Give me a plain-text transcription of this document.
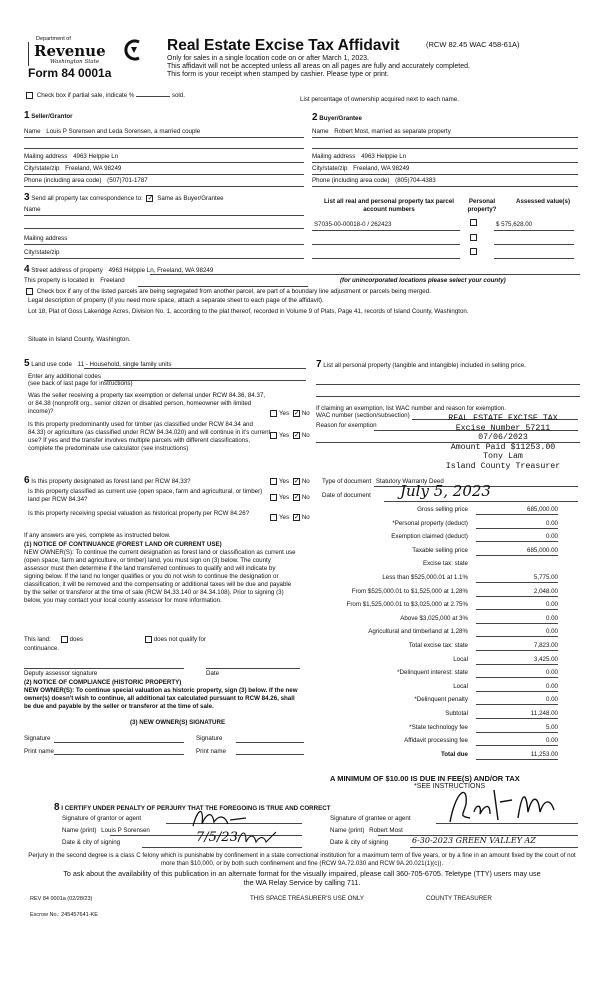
Department of
Revenue
Washington State
Form 84 0001a
Real Estate Excise Tax Affidavit	(RCW 82.45 WAC 458-61A)
Only for sales in a single location code on or after March 1, 2023.
This affidavit will not be accepted unless all areas on all pages are fully and accurately completed.
This form is your receipt when stamped by cashier. Please type or print.
Check box if partial sale, indicate %	sold.
List percentage of ownership acquired next to each name.
1 Seller/Grantor
Name Louis P Sorensen and Leda Sorensen, a married couple
Mailing address 4963 Helppie Ln
City/state/zip Freeland, WA 98249
Phone (including area code) (507)701-1787
2 Buyer/Grantee
Name Robert Most, married as separate property
Mailing address 4963 Helppie Ln
City/state/zip Freeland, WA 98249
Phone (including area code) (805)704-4383
3 Send all property tax correspondence to: ✓ Same as Buyer/Grantee
Name
Mailing address
City/state/zip
List all real and personal property tax parcel account numbers
Personal property?
Assessed value(s)
S7035-00-00018-0 / 262423	$ 575,628.00
4 Street address of property 4963 Helppie Ln, Freeland, WA 98249
This property is located in Freeland	(for unincorporated locations please select your county)
Check box if any of the listed parcels are being segregated from another parcel, are part of a boundary line adjustment or parcels being merged.
Legal description of property (if you need more space, attach a separate sheet to each page of the affidavit).
Lot 18, Plat of Goss Lakeridge Acres, Division No. 1, according to the plat thereof, recorded in Volume 9 of Plats, Page 41, records of Island County, Washington.
Situate in Island County, Washington.
5 Land use code 11 - Household, single family units
Enter any additional codes
(see back of last page for instructions)
Was the seller receiving a property tax exemption or deferral under RCW 84.36, 84.37, or 84.38 (nonprofit org., senior citizen or disabled person, homeowner with limited income)?	Yes ✓ No
Is this property predominantly used for timber (as classified under RCW 84.34 and 84.33) or agriculture (as classified under RCW 84.34.020) and will continue in it's current use? If yes and the transfer involves multiple parcels with different classifications, complete the predominate use calculator (see instructions)
Yes ✓ No
7 List all personal property (tangible and intangible) included in selling price.
If claiming an exemption, list WAC number and reason for exemption.
WAC number (section/subsection)
Reason for exemption
REAL ESTATE EXCISE TAX
Excise Number 57211
07/06/2023
Amount Paid $11253.00
Tony Lam
Island County Treasurer
6 Is this property designated as forest land per RCW 84.33?	Yes ✓ No
Is this property classified as current use (open space, farm and agricultural, or timber) land per RCW 84.34?	Yes ✓ No
Is this property receiving special valuation as historical property per RCW 84.26?
Yes ✓ No
If any answers are yes, complete as instructed below.
(1) NOTICE OF CONTINUANCE (FOREST LAND OR CURRENT USE)
NEW OWNER(S): To continue the current designation as forest land or classification as current use (open space, farm and agriculture, or timber) land, you must sign on (3) below. The county assessor must then determine if the land transferred continues to qualify and will indicate by signing below. If the land no longer qualifies or you do not wish to continue the designation or classification, it will be removed and the compensating or additional taxes will be due and payable by the seller or transferor at the time of sale (RCW 84.33.140 or 84.34.108). Prior to signing (3) below, you may contact your local county assessor for more information.
This land:	does	does not qualify for
continuance.
Deputy assessor signature	Date
(2) NOTICE OF COMPLIANCE (HISTORIC PROPERTY)
NEW OWNER(S): To continue special valuation as historic property, sign (3) below. If the new owner(s) doesn't wish to continue, all additional tax calculated pursuant to RCW 84.26, shall be due and payable by the seller or transferor at the time of sale.
(3) NEW OWNER(S) SIGNATURE
Signature	Signature
Print name	Print name
Type of document Statutory Warranty Deed
Date of document July 5, 2023
Gross selling price	685,000.00
*Personal property (deduct)	0.00
Exemption claimed (deduct)	0.00
Taxable selling price	685,000.00
Excise tax: state
Less than $525,000.01 at 1.1%	5,775.00
From $525,000.01 to $1,525,000 at 1.28%	2,048.00
From $1,525,000.01 to $3,025,000 at 2.75%	0.00
Above $3,025,000 at 3%	0.00
Agricultural and timberland at 1.28%	0.00
Total excise tax: state	7,823.00
Local	3,425.00
*Delinquent interest: state	0.00
Local	0.00
*Delinquent penalty	0.00
Subtotal	11,248.00
*State technology fee	5.00
Affidavit processing fee	0.00
Total due	11,253.00
A MINIMUM OF $10.00 IS DUE IN FEE(S) AND/OR TAX
*SEE INSTRUCTIONS
8 I CERTIFY UNDER PENALTY OF PERJURY THAT THE FOREGOING IS TRUE AND CORRECT
Signature of grantor or agent
Name (print) Louis P Sorensen
Date & city of signing	7/5/23
Signature of grantee or agent
Name (print) Robert Most
Date & city of signing	6-30-2023 GREEN VALLEY AZ
Perjury in the second degree is a class C felony which is punishable by confinement in a state correctional institution for a maximum term of five years, or by a fine in an amount fixed by the court of not more than $10,000, or by both such confinement and fine (RCW 9A.72.030 and RCW 9A.20.021(1)(c)).
To ask about the availability of this publication in an alternate format for the visually impaired, please call 360-705-6705. Teletype (TTY) users may use the WA Relay Service by calling 711.
REV 84 0001a (02/28/23)	THIS SPACE TREASURER'S USE ONLY	COUNTY TREASURER
Escrow No.: 245457641-KE
